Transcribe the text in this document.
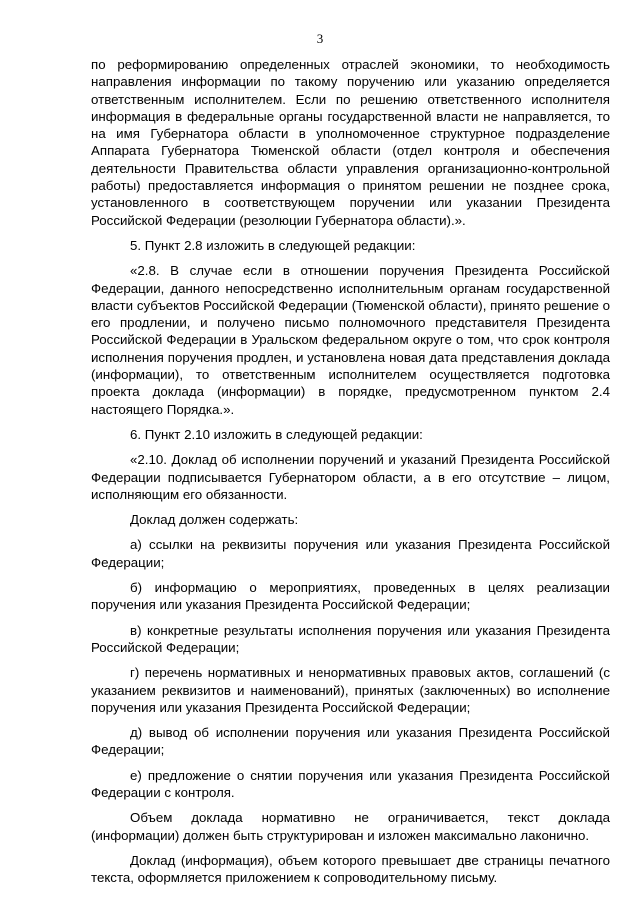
3

по реформированию определенных отраслей экономики, то необходимость направления информации по такому поручению или указанию определяется ответственным исполнителем. Если по решению ответственного исполнителя информация в федеральные органы государственной власти не направляется, то на имя Губернатора области в уполномоченное структурное подразделение Аппарата Губернатора Тюменской области (отдел контроля и обеспечения деятельности Правительства области управления организационно-контрольной работы) предоставляется информация о принятом решении не позднее срока, установленного в соответствующем поручении или указании Президента Российской Федерации (резолюции Губернатора области).».

5. Пункт 2.8 изложить в следующей редакции:

«2.8. В случае если в отношении поручения Президента Российской Федерации, данного непосредственно исполнительным органам государственной власти субъектов Российской Федерации (Тюменской области), принято решение о его продлении, и получено письмо полномочного представителя Президента Российской Федерации в Уральском федеральном округе о том, что срок контроля исполнения поручения продлен, и установлена новая дата представления доклада (информации), то ответственным исполнителем осуществляется подготовка проекта доклада (информации) в порядке, предусмотренном пунктом 2.4 настоящего Порядка.».

6. Пункт 2.10 изложить в следующей редакции:

«2.10. Доклад об исполнении поручений и указаний Президента Российской Федерации подписывается Губернатором области, а в его отсутствие – лицом, исполняющим его обязанности.

Доклад должен содержать:

а) ссылки на реквизиты поручения или указания Президента Российской Федерации;

б) информацию о мероприятиях, проведенных в целях реализации поручения или указания Президента Российской Федерации;

в) конкретные результаты исполнения поручения или указания Президента Российской Федерации;

г) перечень нормативных и ненормативных правовых актов, соглашений (с указанием реквизитов и наименований), принятых (заключенных) во исполнение поручения или указания Президента Российской Федерации;

д) вывод об исполнении поручения или указания Президента Российской Федерации;

е) предложение о снятии поручения или указания Президента Российской Федерации с контроля.

Объем доклада нормативно не ограничивается, текст доклада (информации) должен быть структурирован и изложен максимально лаконично.

Доклад (информация), объем которого превышает две страницы печатного текста, оформляется приложением к сопроводительному письму.
